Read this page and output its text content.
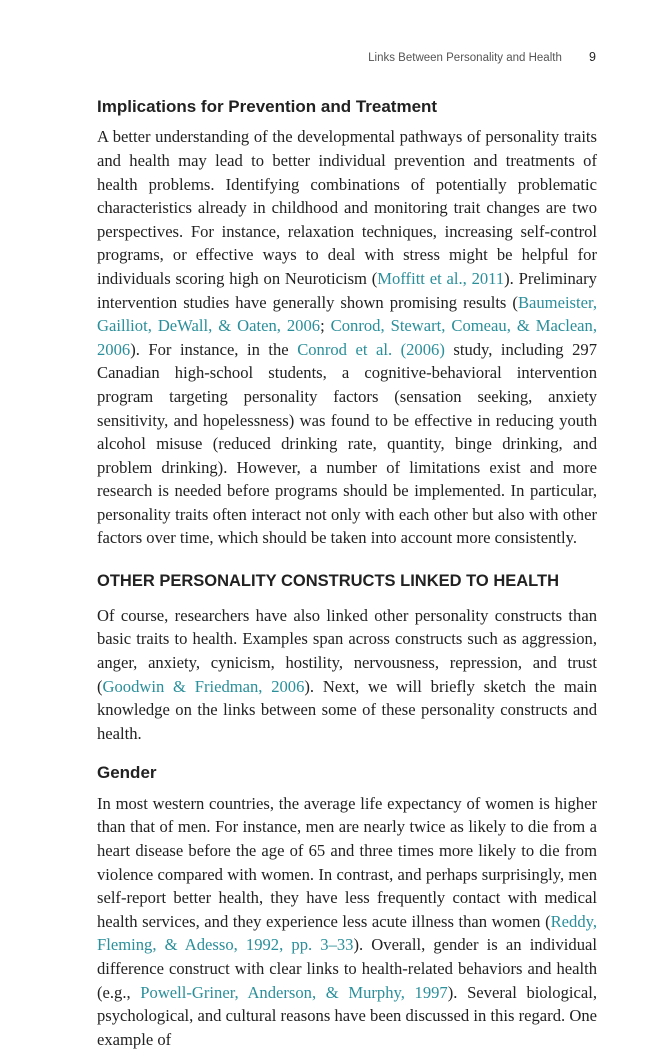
Links Between Personality and Health 9
Implications for Prevention and Treatment

A better understanding of the developmental pathways of personality traits and health may lead to better individual prevention and treatments of health problems. Identifying combinations of potentially problematic characteristics already in childhood and monitoring trait changes are two perspectives. For instance, relaxation techniques, increasing self-control programs, or effective ways to deal with stress might be helpful for individuals scoring high on Neuroticism (Moffitt et al., 2011). Preliminary intervention studies have generally shown promising results (Baumeister, Gailliot, DeWall, & Oaten, 2006; Conrod, Stewart, Comeau, & Maclean, 2006). For instance, in the Conrod et al. (2006) study, including 297 Canadian high-school students, a cognitive-behavioral intervention program targeting personality factors (sensation seeking, anxiety sensitivity, and hopelessness) was found to be effective in reducing youth alcohol misuse (reduced drinking rate, quantity, binge drinking, and problem drinking). However, a number of limitations exist and more research is needed before programs should be implemented. In particular, personality traits often interact not only with each other but also with other factors over time, which should be taken into account more consistently.

OTHER PERSONALITY CONSTRUCTS LINKED TO HEALTH

Of course, researchers have also linked other personality constructs than basic traits to health. Examples span across constructs such as aggression, anger, anxiety, cynicism, hostility, nervousness, repression, and trust (Goodwin & Friedman, 2006). Next, we will briefly sketch the main knowledge on the links between some of these personality constructs and health.

Gender

In most western countries, the average life expectancy of women is higher than that of men. For instance, men are nearly twice as likely to die from a heart disease before the age of 65 and three times more likely to die from violence compared with women. In contrast, and perhaps surprisingly, men self-report better health, they have less frequently contact with medical health services, and they experience less acute illness than women (Reddy, Fleming, & Adesso, 1992, pp. 3–33). Overall, gender is an individual difference construct with clear links to health-related behaviors and health (e.g., Powell-Griner, Anderson, & Murphy, 1997). Several biological, psychological, and cultural reasons have been discussed in this regard. One example of
